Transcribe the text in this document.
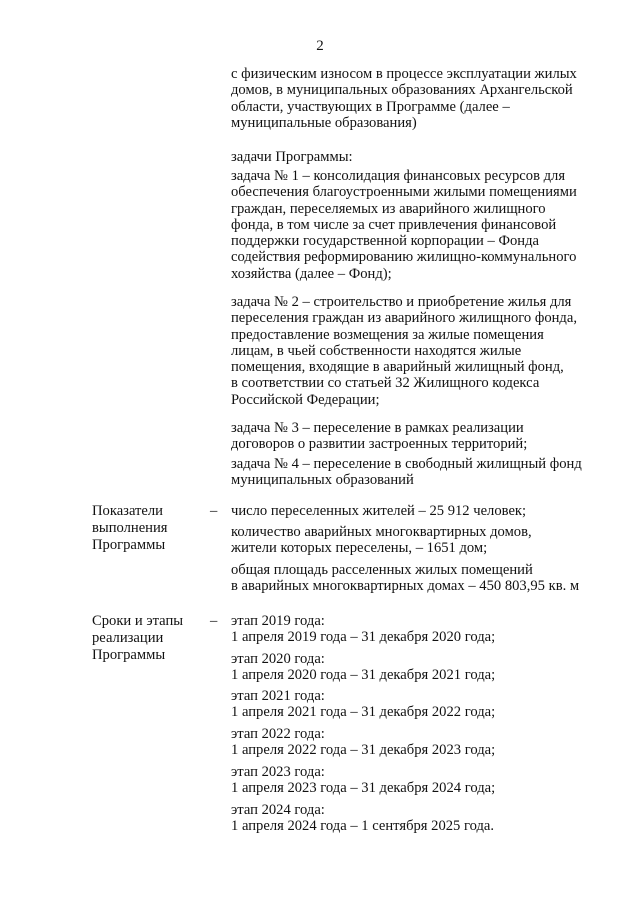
2
с физическим износом в процессе эксплуатации жилых
домов, в муниципальных образованиях Архангельской
области, участвующих в Программе (далее –
муниципальные образования)
задачи Программы:
задача № 1 – консолидация финансовых ресурсов для
обеспечения благоустроенными жилыми помещениями
граждан, переселяемых из аварийного жилищного
фонда, в том числе за счет привлечения финансовой
поддержки государственной корпорации – Фонда
содействия реформированию жилищно-коммунального
хозяйства (далее – Фонд);
задача № 2 – строительство и приобретение жилья для
переселения граждан из аварийного жилищного фонда,
предоставление возмещения за жилые помещения
лицам, в чьей собственности находятся жилые
помещения, входящие в аварийный жилищный фонд,
в соответствии со статьей 32 Жилищного кодекса
Российской Федерации;
задача № 3 – переселение в рамках реализации
договоров о развитии застроенных территорий;
задача № 4 – переселение в свободный жилищный фонд
муниципальных образований
Показатели
выполнения
Программы
– число переселенных жителей – 25 912 человек;
количество аварийных многоквартирных домов,
жители которых переселены, – 1651 дом;
общая площадь расселенных жилых помещений
в аварийных многоквартирных домах – 450 803,95 кв. м
Сроки и этапы
реализации
Программы
– этап 2019 года:
1 апреля 2019 года – 31 декабря 2020 года;
этап 2020 года:
1 апреля 2020 года – 31 декабря 2021 года;
этап 2021 года:
1 апреля 2021 года – 31 декабря 2022 года;
этап 2022 года:
1 апреля 2022 года – 31 декабря 2023 года;
этап 2023 года:
1 апреля 2023 года – 31 декабря 2024 года;
этап 2024 года:
1 апреля 2024 года – 1 сентября 2025 года.
